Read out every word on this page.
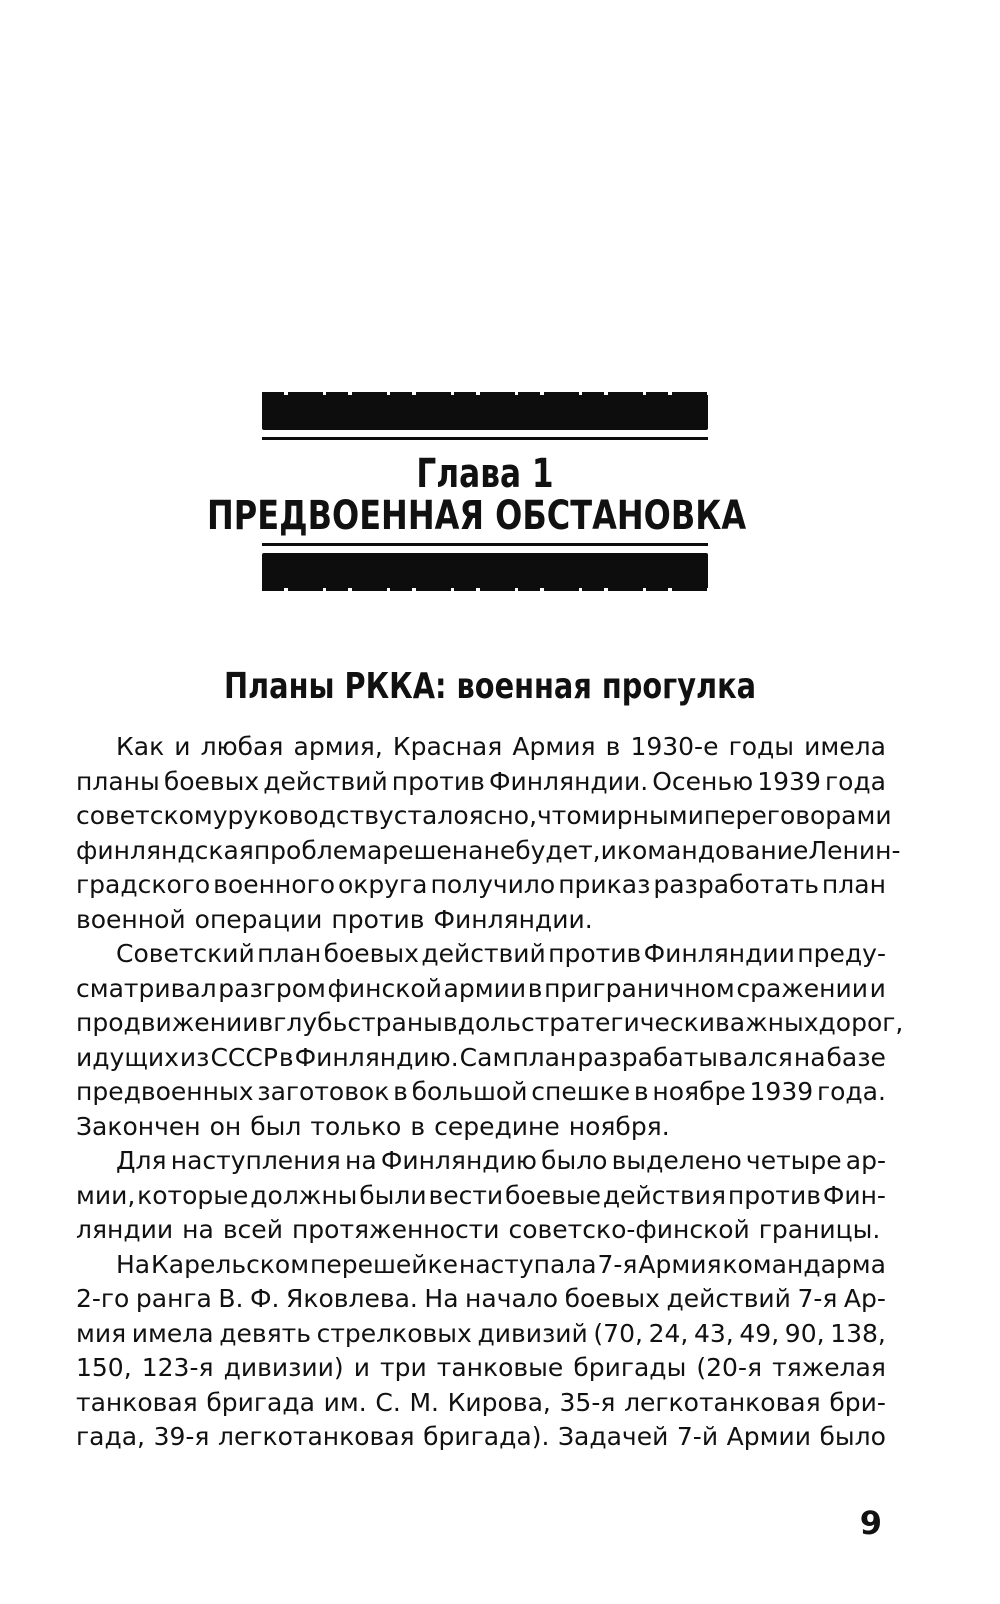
Глава 1
ПРЕДВОЕННАЯ ОБСТАНОВКА
Планы РККА: военная прогулка
Как и любая армия, Красная Армия в 1930-е годы имела
планы боевых действий против Финляндии. Осенью 1939 года
советскому руководству стало ясно, что мирными переговорами
финляндская проблема решена не будет, и командование Ленин-
градского военного округа получило приказ разработать план
военной операции против Финляндии.
Советский план боевых действий против Финляндии преду-
сматривал разгром финской армии в приграничном сражении и
продвижении в глубь страны вдоль стратегически важных дорог,
идущих из СССР в Финляндию. Сам план разрабатывался на базе
предвоенных заготовок в большой спешке в ноябре 1939 года.
Закончен он был только в середине ноября.
Для наступления на Финляндию было выделено четыре ар-
мии, которые должны были вести боевые действия против Фин-
ляндии на всей протяженности советско-финской границы.
На Карельском перешейке наступала 7-я Армия командарма
2-го ранга В. Ф. Яковлева. На начало боевых действий 7-я Ар-
мия имела девять стрелковых дивизий (70, 24, 43, 49, 90, 138,
150, 123-я дивизии) и три танковые бригады (20-я тяжелая
танковая бригада им. С. М. Кирова, 35-я легкотанковая бри-
гада, 39-я легкотанковая бригада). Задачей 7-й Армии было
9
